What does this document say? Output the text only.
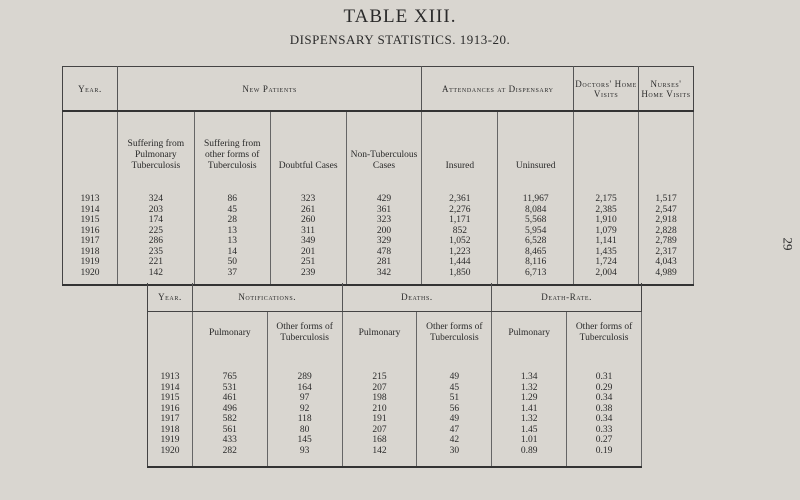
TABLE XIII.
DISPENSARY STATISTICS. 1913-20.
29
Year.	New Patients				Attendances at Dispensary		Doctors' Home Visits	Nurses' Home Visits
	Suffering from Pulmonary Tuberculosis	Suffering from other forms of Tuberculosis	Doubtful Cases	Non-Tuberculous Cases	Insured	Uninsured		

1913	324	86	323	429	2,361	11,967	2,175	1,517
1914	203	45	261	361	2,276	8,084	2,385	2,547
1915	174	28	260	323	1,171	5,568	1,910	2,918
1916	225	13	311	200	852	5,954	1,079	2,828
1917	286	13	349	329	1,052	6,528	1,141	2,789
1918	235	14	201	478	1,223	8,465	1,435	2,317
1919	221	50	251	281	1,444	8,116	1,724	4,043
1920	142	37	239	342	1,850	6,713	2,004	4,989
Year.	Notifications.		Deaths.		Death-Rate.	
	Pulmonary	Other forms of Tuberculosis	Pulmonary	Other forms of Tuberculosis	Pulmonary	Other forms of Tuberculosis

1913	765	289	215	49	1.34	0.31
1914	531	164	207	45	1.32	0.29
1915	461	97	198	51	1.29	0.34
1916	496	92	210	56	1.41	0.38
1917	582	118	191	49	1.32	0.34
1918	561	80	207	47	1.45	0.33
1919	433	145	168	42	1.01	0.27
1920	282	93	142	30	0.89	0.19
